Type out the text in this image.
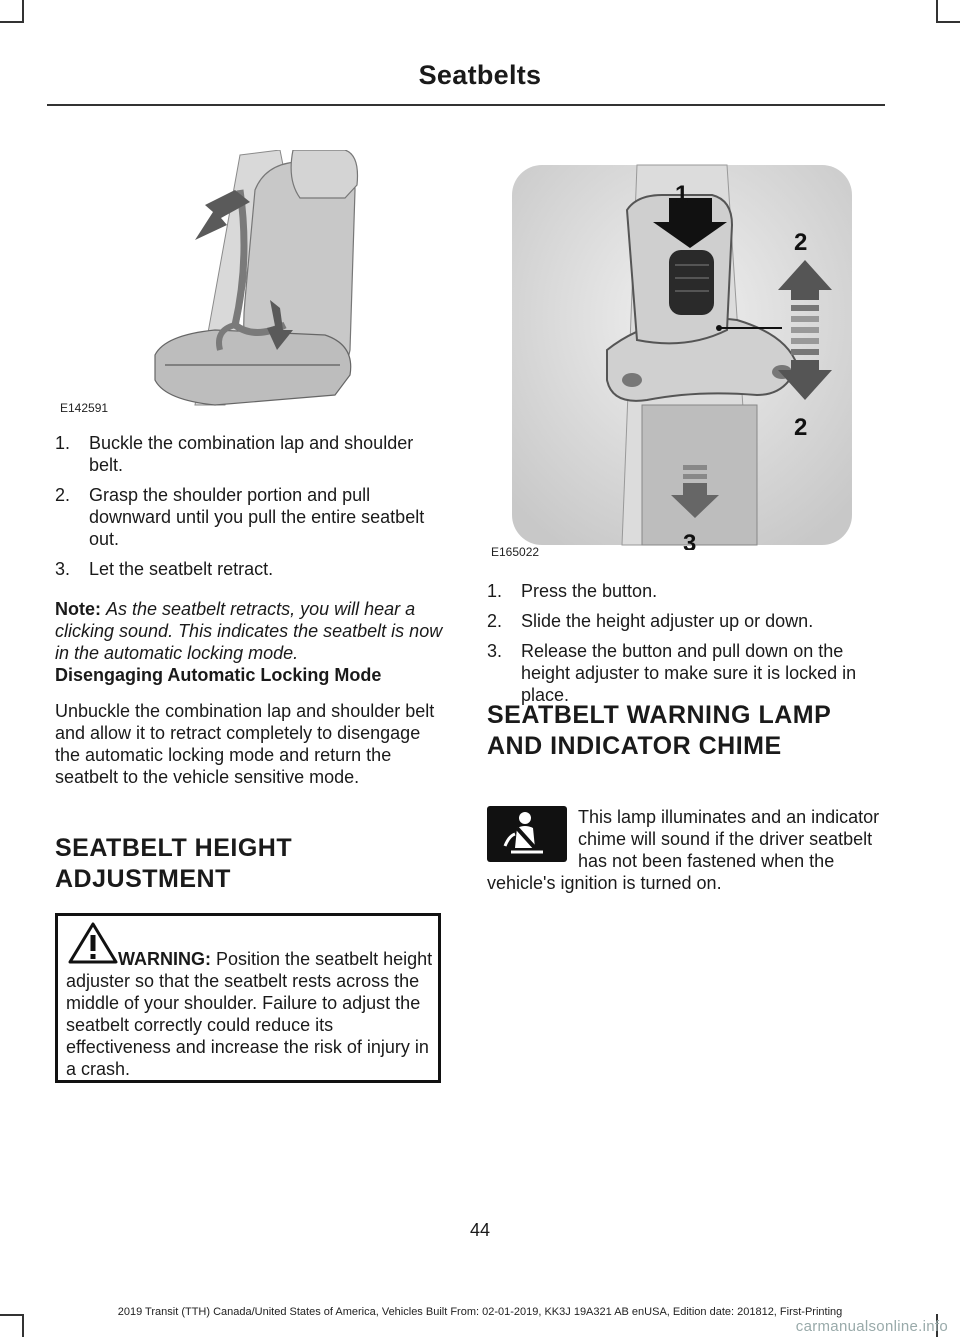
Seatbelts
E142591
1. Buckle the combination lap and shoulder belt.
2. Grasp the shoulder portion and pull downward until you pull the entire seatbelt out.
3. Let the seatbelt retract.

Note: As the seatbelt retracts, you will hear a clicking sound. This indicates the seatbelt is now in the automatic locking mode.

Disengaging Automatic Locking Mode

Unbuckle the combination lap and shoulder belt and allow it to retract completely to disengage the automatic locking mode and return the seatbelt to the vehicle sensitive mode.

SEATBELT HEIGHT
ADJUSTMENT

WARNING: Position the seatbelt height adjuster so that the seatbelt rests across the middle of your shoulder. Failure to adjust the seatbelt correctly could reduce its effectiveness and increase the risk of injury in a crash.

1
2
2
3
E165022
1. Press the button.
2. Slide the height adjuster up or down.
3. Release the button and pull down on the height adjuster to make sure it is locked in place.
SEATBELT WARNING LAMP
AND INDICATOR CHIME

This lamp illuminates and an indicator chime will sound if the driver seatbelt has not been fastened when the vehicle's ignition is turned on.

44
2019 Transit (TTH) Canada/United States of America, Vehicles Built From: 02-01-2019, KK3J 19A321 AB enUSA, Edition date: 201812, First-Printing
carmanualsonline.info
